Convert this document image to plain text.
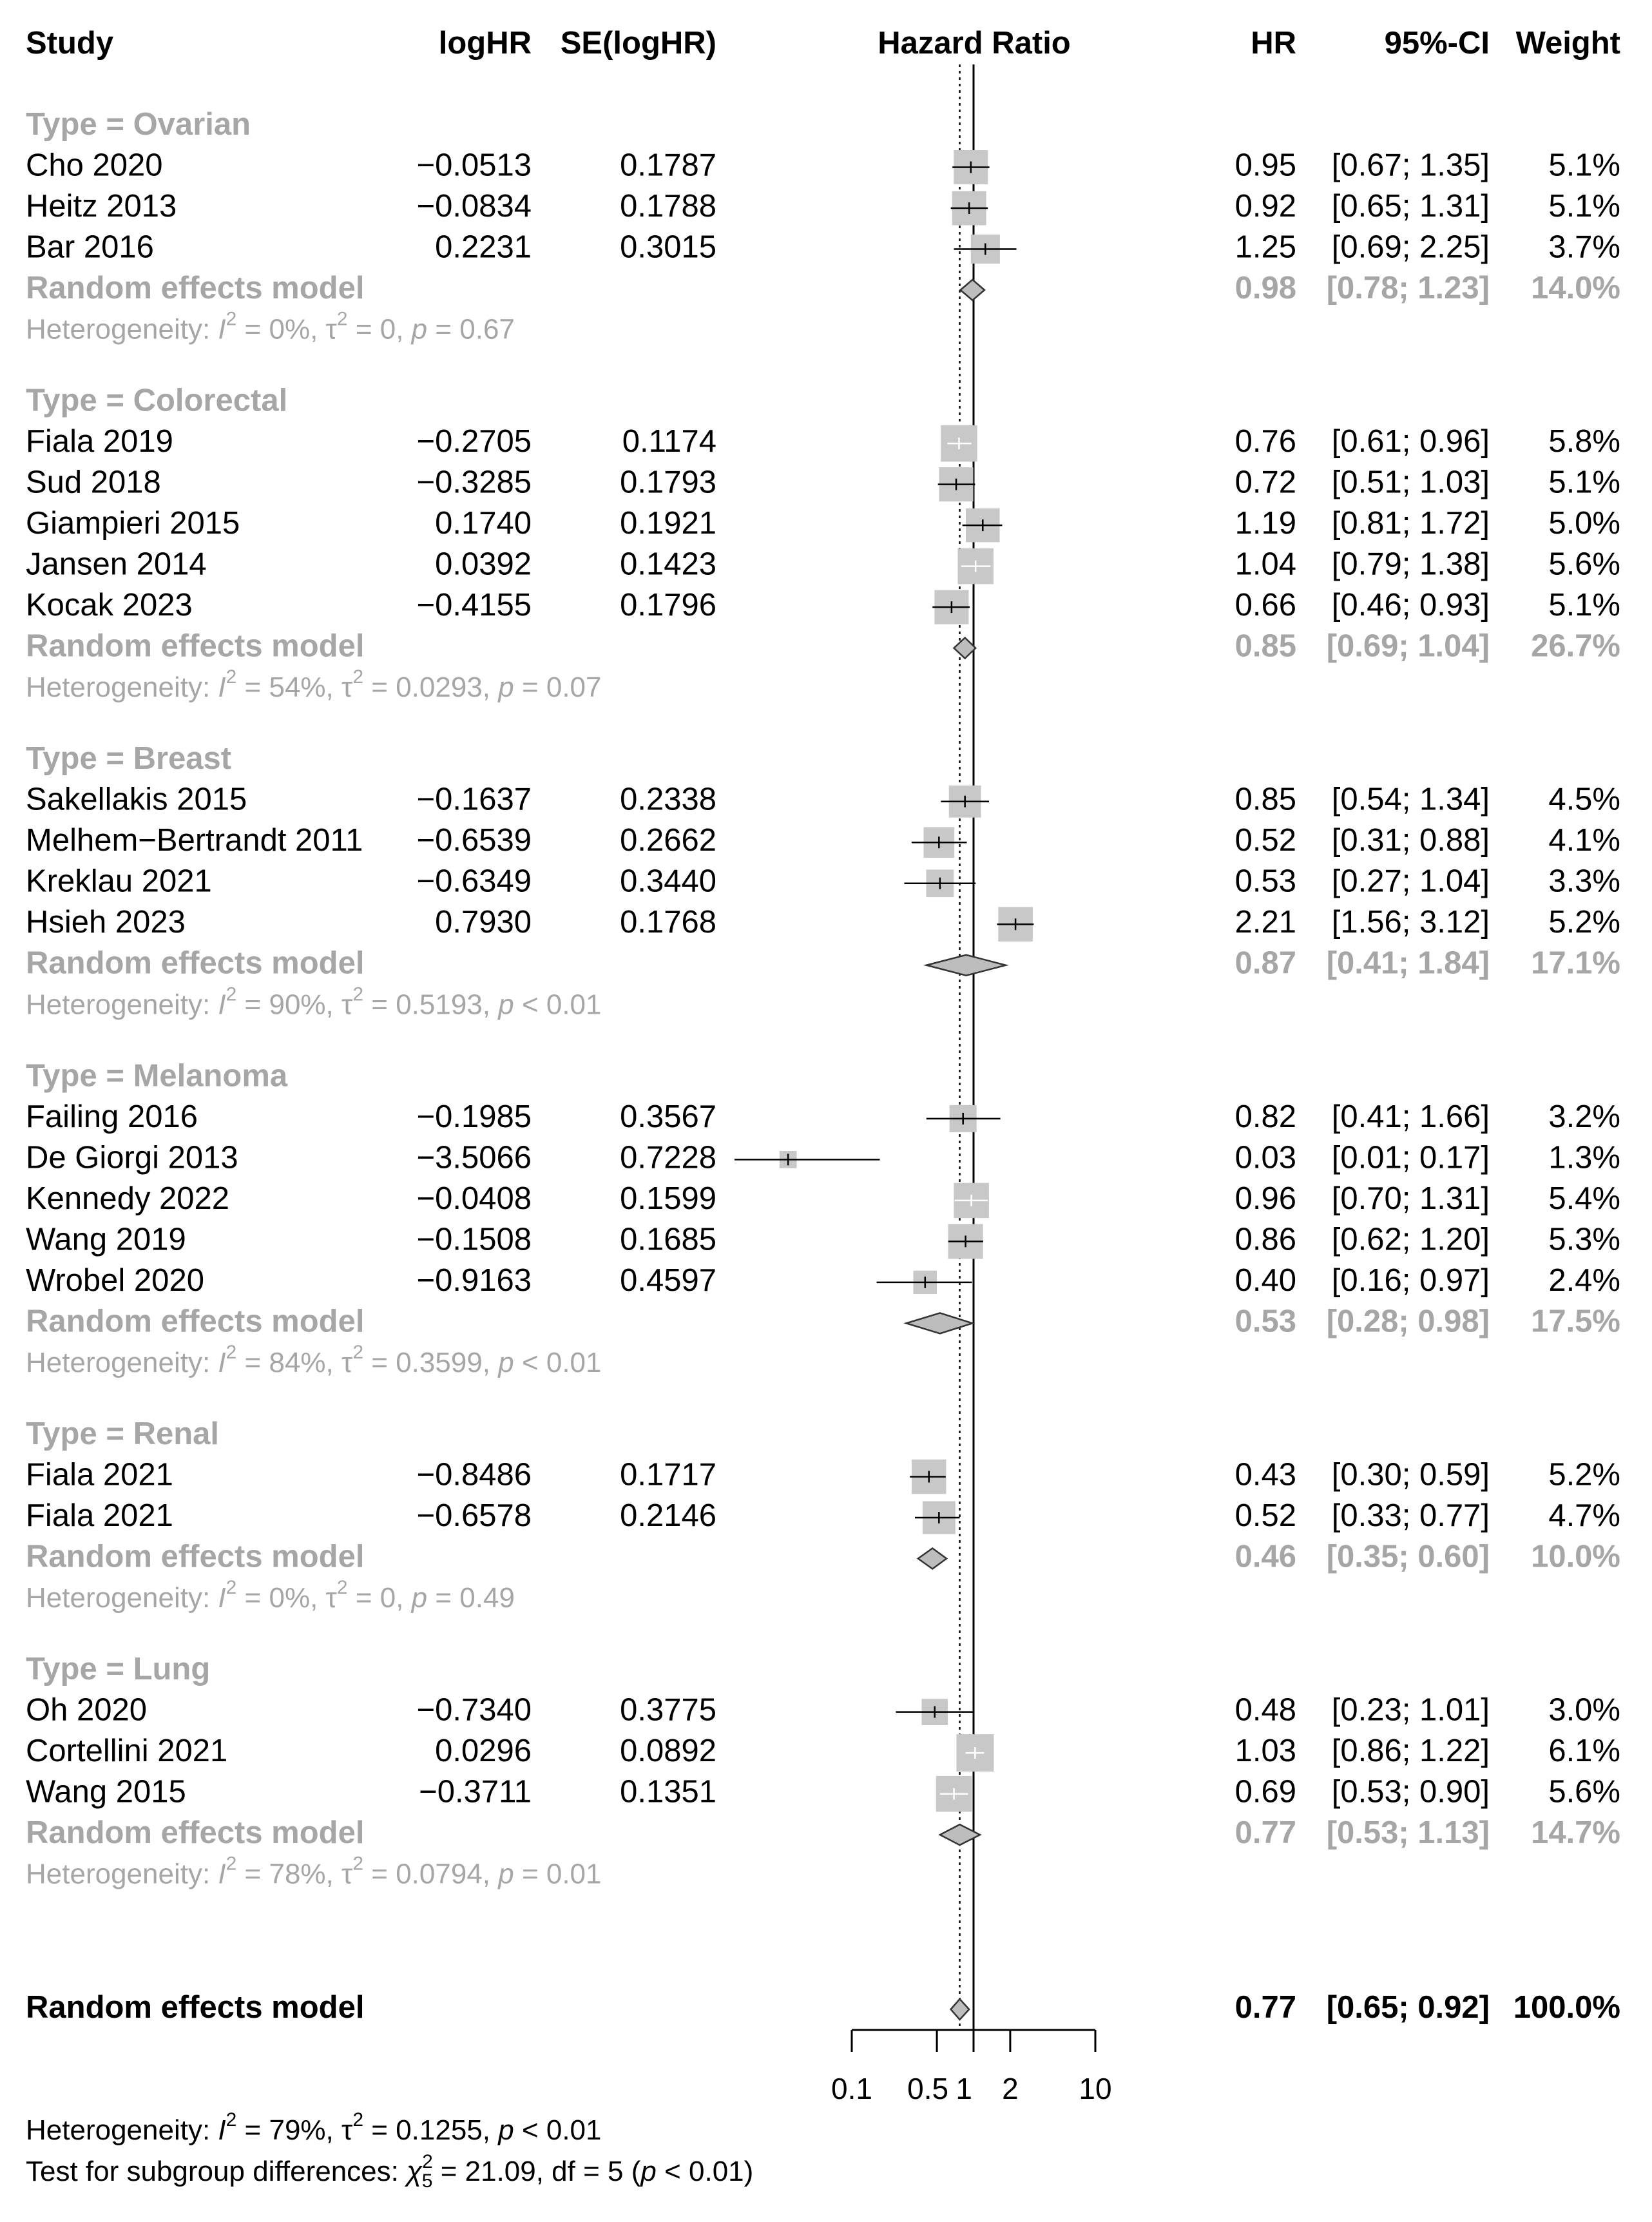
Study	logHR SE(logHR)	Hazard Ratio	HR	95%-CI Weight
Type = Ovarian
Cho 2020	−0.0513	0.1787	0.95 [0.67; 1.35] 5.1%
Heitz 2013	−0.0834	0.1788	0.92 [0.65; 1.31] 5.1%
Bar 2016	0.2231	0.3015	1.25 [0.69; 2.25] 3.7%
Random effects model	0.98 [0.78; 1.23] 14.0%
Heterogeneity: $I^2 = 0\%$, $\tau^2 = 0$, p = 0.67
Type = Colorectal
Fiala 2019	−0.2705	0.1174	0.76 [0.61; 0.96] 5.8%
Sud 2018	−0.3285	0.1793	0.72 [0.51; 1.03] 5.1%
Giampieri 2015	0.1740	0.1921	1.19 [0.81; 1.72] 5.0%
Jansen 2014	0.0392	0.1423	1.04 [0.79; 1.38] 5.6%
Kocak 2023	−0.4155	0.1796	0.66 [0.46; 0.93] 5.1%
Random effects model	0.85 [0.69; 1.04] 26.7%
Heterogeneity: $I^2 = 54\%$, $\tau^2 = 0.0293$, p = 0.07
Type = Breast
Sakellakis 2015	−0.1637	0.2338	0.85 [0.54; 1.34] 4.5%
Melhem−Bertrandt 2011 −0.6539	0.2662	0.52 [0.31; 0.88] 4.1%
Kreklau 2021	−0.6349	0.3440	0.53 [0.27; 1.04] 3.3%
Hsieh 2023	0.7930	0.1768	2.21 [1.56; 3.12] 5.2%
Random effects model	0.87 [0.41; 1.84] 17.1%
Heterogeneity: $I^2 = 90\%$, $\tau^2 = 0.5193$, p < 0.01
Type = Melanoma
Failing 2016	−0.1985	0.3567	0.82 [0.41; 1.66] 3.2%
De Giorgi 2013	−3.5066	0.7228	0.03 [0.01; 0.17] 1.3%
Kennedy 2022	−0.0408	0.1599	0.96 [0.70; 1.31] 5.4%
Wang 2019	−0.1508	0.1685	0.86 [0.62; 1.20] 5.3%
Wrobel 2020	−0.9163	0.4597	0.40 [0.16; 0.97] 2.4%
Random effects model	0.53 [0.28; 0.98] 17.5%
Heterogeneity: $I^2 = 84\%$, $\tau^2 = 0.3599$, p < 0.01
Type = Renal
Fiala 2021	−0.8486	0.1717	0.43 [0.30; 0.59] 5.2%
Fiala 2021	−0.6578	0.2146	0.52 [0.33; 0.77] 4.7%
Random effects model	0.46 [0.35; 0.60] 10.0%
Heterogeneity: $I^2 = 0\%$, $\tau^2 = 0$, p = 0.49
Type = Lung
Oh 2020	−0.7340	0.3775	0.48 [0.23; 1.01] 3.0%
Cortellini 2021	0.0296	0.0892	1.03 [0.86; 1.22] 6.1%
Wang 2015	−0.3711	0.1351	0.69 [0.53; 0.90] 5.6%
Random effects model	0.77 [0.53; 1.13] 14.7%
Heterogeneity: $I^2 = 78\%$, $\tau^2 = 0.0794$, p = 0.01
Random effects model	0.77 [0.65; 0.92] 100.0%
0.1 0.5 1 2 10
Heterogeneity: $I^2 = 79\%$, $\tau^2 = 0.1255$, p < 0.01
Test for subgroup differences: $\chi^2$ 5 = 21.09, df = 5 (p < 0.01)
